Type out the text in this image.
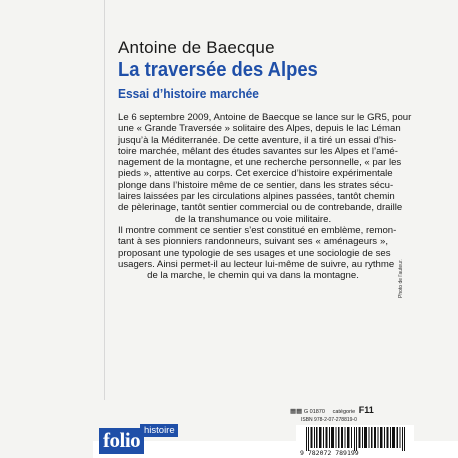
Antoine de Baecque
La traversée des Alpes
Essai d’histoire marchée
Le 6 septembre 2009, Antoine de Baecque se lance sur le GR5, pour
une « Grande Traversée » solitaire des Alpes, depuis le lac Léman
jusqu’à la Méditerranée. De cette aventure, il a tiré un essai d’his-
toire marchée, mêlant des études savantes sur les Alpes et l’amé-
nagement de la montagne, et une recherche personnelle, « par les
pieds », attentive au corps. Cet exercice d’histoire expérimentale
plonge dans l’histoire même de ce sentier, dans les strates sécu-
laires laissées par les circulations alpines passées, tantôt chemin
de pèlerinage, tantôt sentier commercial ou de contrebande, draille
de la transhumance ou voie militaire.
Il montre comment ce sentier s’est constitué en emblème, remon-
tant à ses pionniers randonneurs, suivant ses « aménageurs »,
proposant une typologie de ses usages et une sociologie de ses
usagers. Ainsi permet-il au lecteur lui-même de suivre, au rythme
de la marche, le chemin qui va dans la montagne.	Photo de l'auteur.
▦▦ G 01870 catégorie F11
ISBN 978-2-07-278819-0
9 782072 789199
folio histoire
